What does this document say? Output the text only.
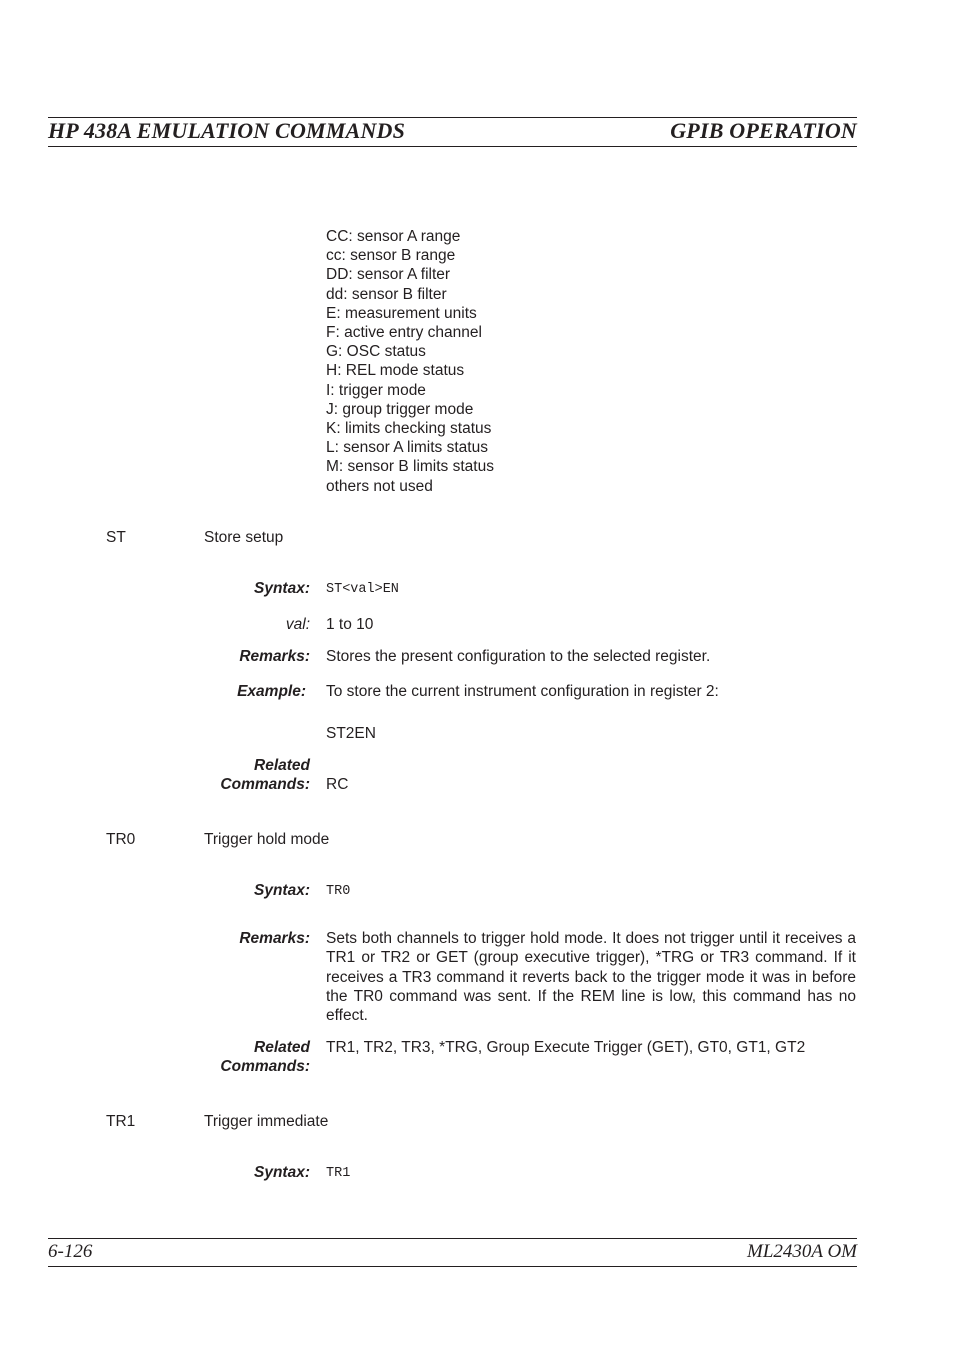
HP 438A EMULATION COMMANDS	GPIB OPERATION
CC: sensor A range
cc: sensor B range
DD: sensor A filter
dd: sensor B filter
E: measurement units
F: active entry channel
G: OSC status
H: REL mode status
I: trigger mode
J: group trigger mode
K: limits checking status
L: sensor A limits status
M: sensor B limits status
others not used
ST	Store setup
Syntax: ST<val>EN
val: 1 to 10
Remarks: Stores the present configuration to the selected register.
Example: To store the current instrument configuration in register 2:
ST2EN
Related
Commands: RC
TR0	Trigger hold mode
Syntax: TR0
Remarks: Sets both channels to trigger hold mode. It does not trigger until it receives a TR1 or TR2 or GET (group executive trigger), *TRG or TR3 command. If it receives a TR3 command it reverts back to the trigger mode it was in before the TR0 command was sent. If the REM line is low, this command has no effect.
Related
Commands:
TR1, TR2, TR3, *TRG, Group Execute Trigger (GET), GT0, GT1, GT2
TR1	Trigger immediate
Syntax: TR1
6-126	ML2430A OM
